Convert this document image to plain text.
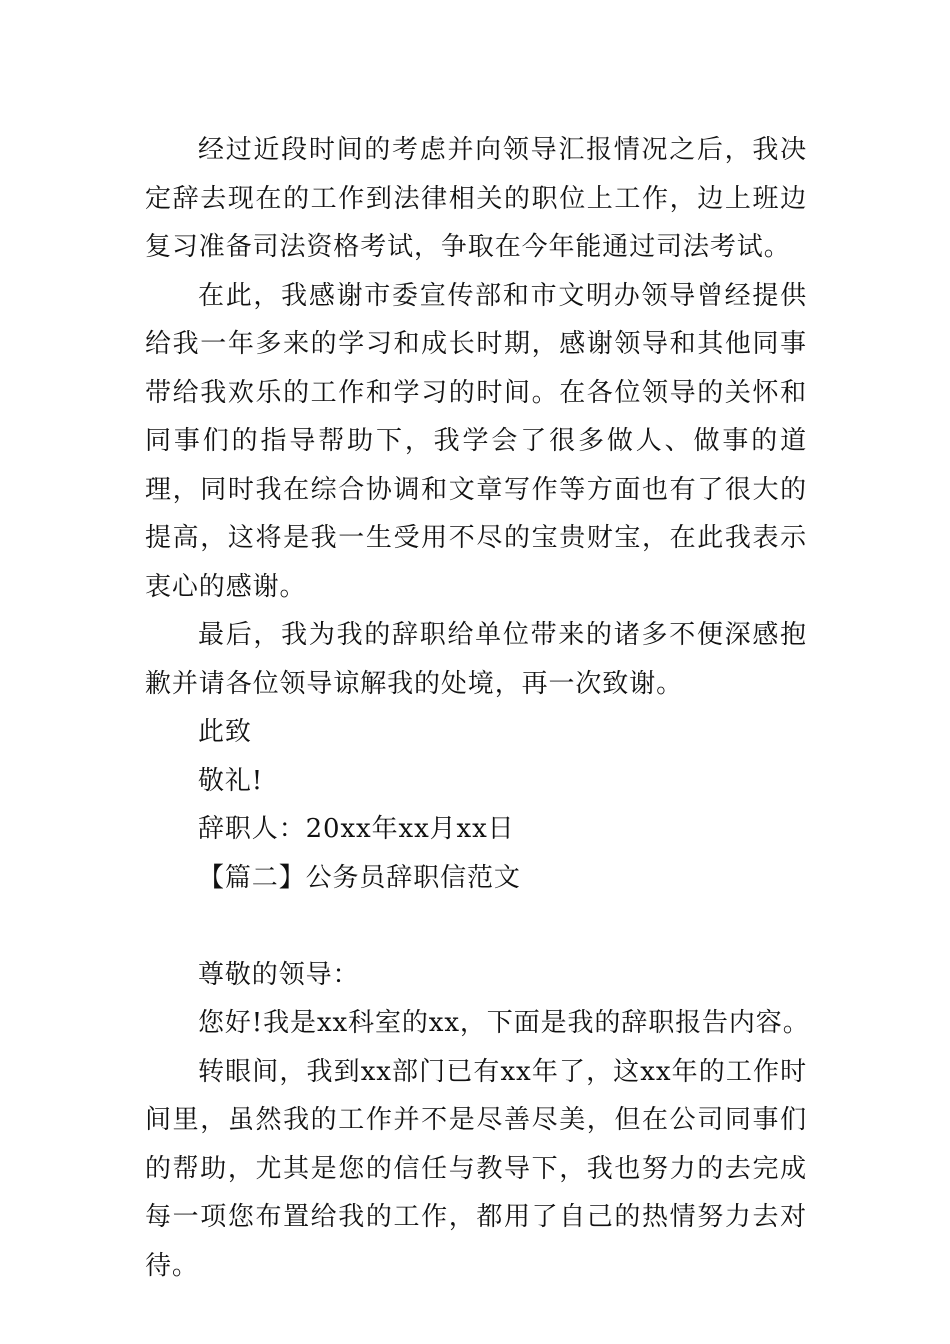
经过近段时间的考虑并向领导汇报情况之后，我决定辞去现在的工作到法律相关的职位上工作，边上班边复习准备司法资格考试，争取在今年能通过司法考试。

在此，我感谢市委宣传部和市文明办领导曾经提供给我一年多来的学习和成长时期，感谢领导和其他同事带给我欢乐的工作和学习的时间。在各位领导的关怀和同事们的指导帮助下，我学会了很多做人、做事的道理，同时我在综合协调和文章写作等方面也有了很大的提高，这将是我一生受用不尽的宝贵财宝，在此我表示衷心的感谢。

最后，我为我的辞职给单位带来的诸多不便深感抱歉并请各位领导谅解我的处境，再一次致谢。

此致

敬礼!

辞职人：20xx年xx月xx日

【篇二】公务员辞职信范文

尊敬的领导：

您好!我是xx科室的xx，下面是我的辞职报告内容。

转眼间，我到xx部门已有xx年了，这xx年的工作时间里，虽然我的工作并不是尽善尽美，但在公司同事们的帮助，尤其是您的信任与教导下，我也努力的去完成每一项您布置给我的工作，都用了自己的热情努力去对待。
